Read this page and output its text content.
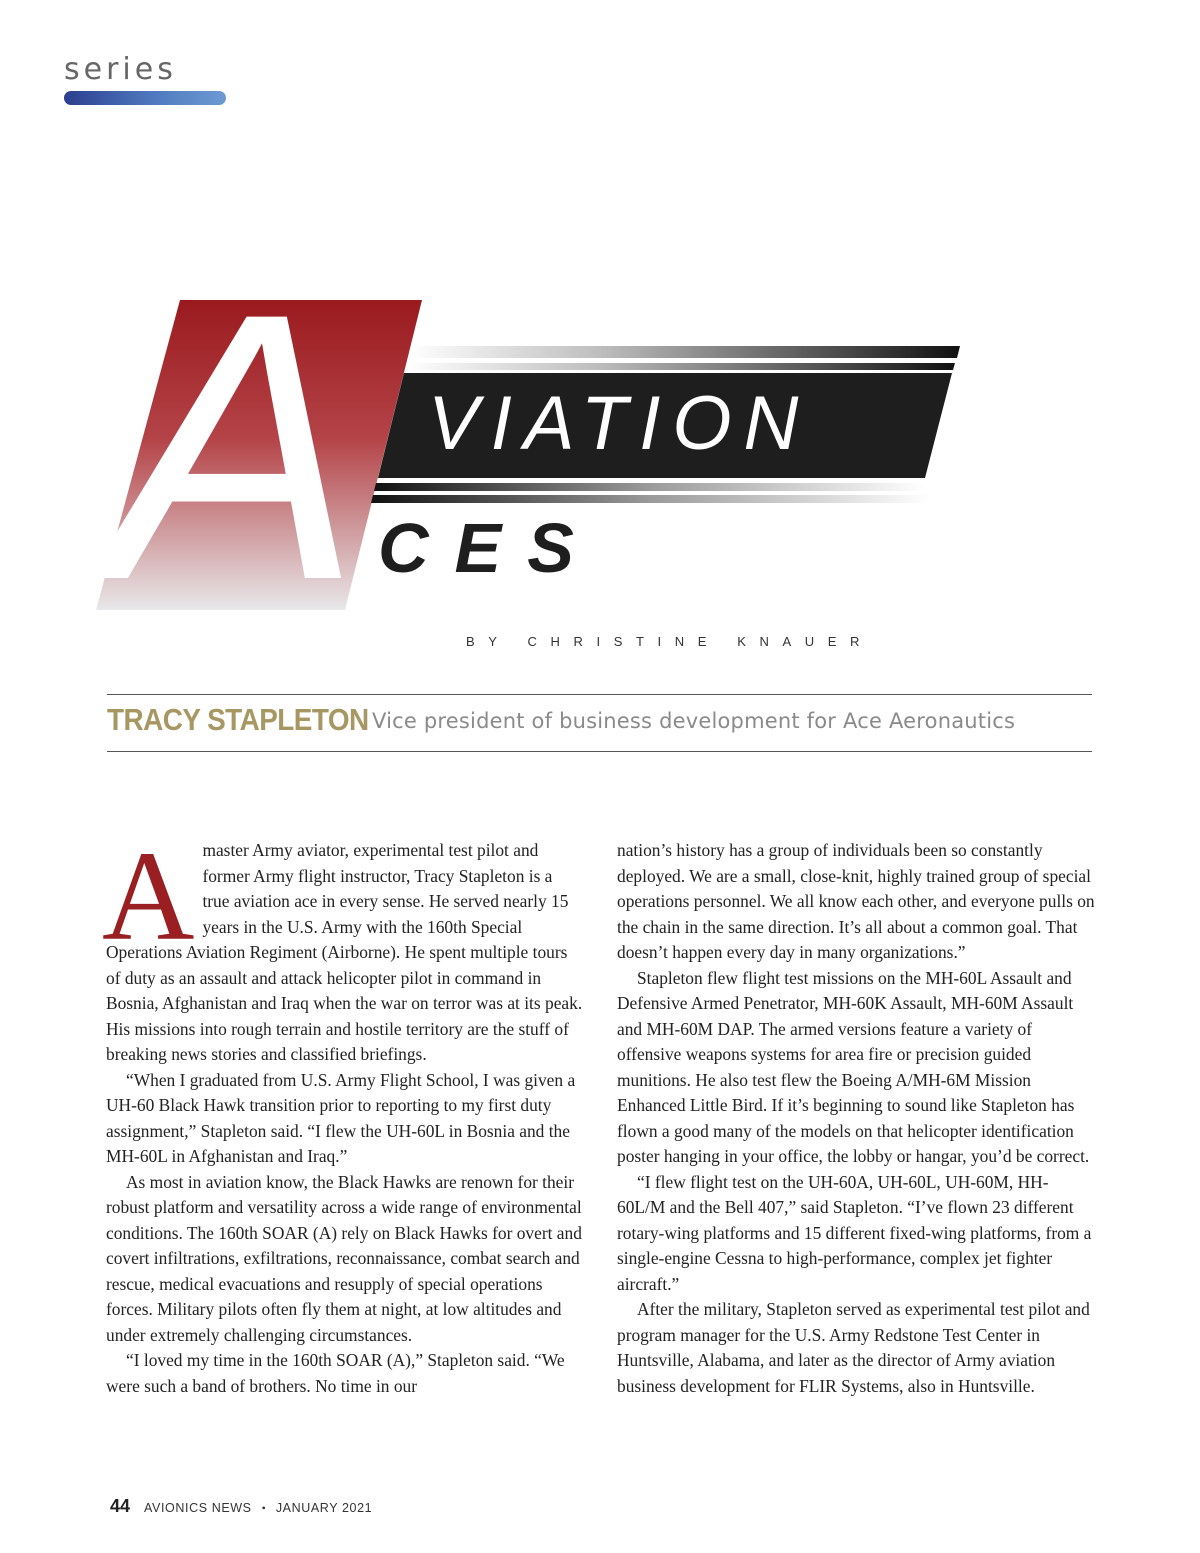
series
A VIATION
CES
BY CHRISTINE KNAUER
TRACY STAPLETON Vice president of business development for Ace Aeronautics

Amaster Army aviator, experimental test pilot and former Army flight instructor, Tracy Stapleton is a true aviation ace in every sense. He served nearly 15 years in the U.S. Army with the 160th Special Operations Aviation Regiment (Airborne). He spent multiple tours of duty as an assault and attack helicopter pilot in command in Bosnia, Afghanistan and Iraq when the war on terror was at its peak. His missions into rough terrain and hostile territory are the stuff of breaking news stories and classified briefings.

“When I graduated from U.S. Army Flight School, I was given a UH-60 Black Hawk transition prior to reporting to my first duty assignment,” Stapleton said. “I flew the UH-60L in Bosnia and the MH-60L in Afghanistan and Iraq.”

As most in aviation know, the Black Hawks are renown for their robust platform and versatility across a wide range of environmental conditions. The 160th SOAR (A) rely on Black Hawks for overt and covert infiltrations, exfiltrations, reconnaissance, combat search and rescue, medical evacuations and resupply of special operations forces. Military pilots often fly them at night, at low altitudes and under extremely challenging circumstances.

“I loved my time in the 160th SOAR (A),” Stapleton said. “We were such a band of brothers. No time in our

nation’s history has a group of individuals been so constantly deployed. We are a small, close-knit, highly trained group of special operations personnel. We all know each other, and everyone pulls on the chain in the same direction. It’s all about a common goal. That doesn’t happen every day in many organizations.”

Stapleton flew flight test missions on the MH-60L Assault and Defensive Armed Penetrator, MH-60K Assault, MH-60M Assault and MH-60M DAP. The armed versions feature a variety of offensive weapons systems for area fire or precision guided munitions. He also test flew the Boeing A/MH-6M Mission Enhanced Little Bird. If it’s beginning to sound like Stapleton has flown a good many of the models on that helicopter identification poster hanging in your office, the lobby or hangar, you’d be correct.

“I flew flight test on the UH-60A, UH-60L, UH-60M, HH-60L/M and the Bell 407,” said Stapleton. “I’ve flown 23 different rotary-wing platforms and 15 different fixed-wing platforms, from a single-engine Cessna to high-performance, complex jet fighter aircraft.”

After the military, Stapleton served as experimental test pilot and program manager for the U.S. Army Redstone Test Center in Huntsville, Alabama, and later as the director of Army aviation business development for FLIR Systems, also in Huntsville.

44 AVIONICS NEWS • JANUARY 2021
